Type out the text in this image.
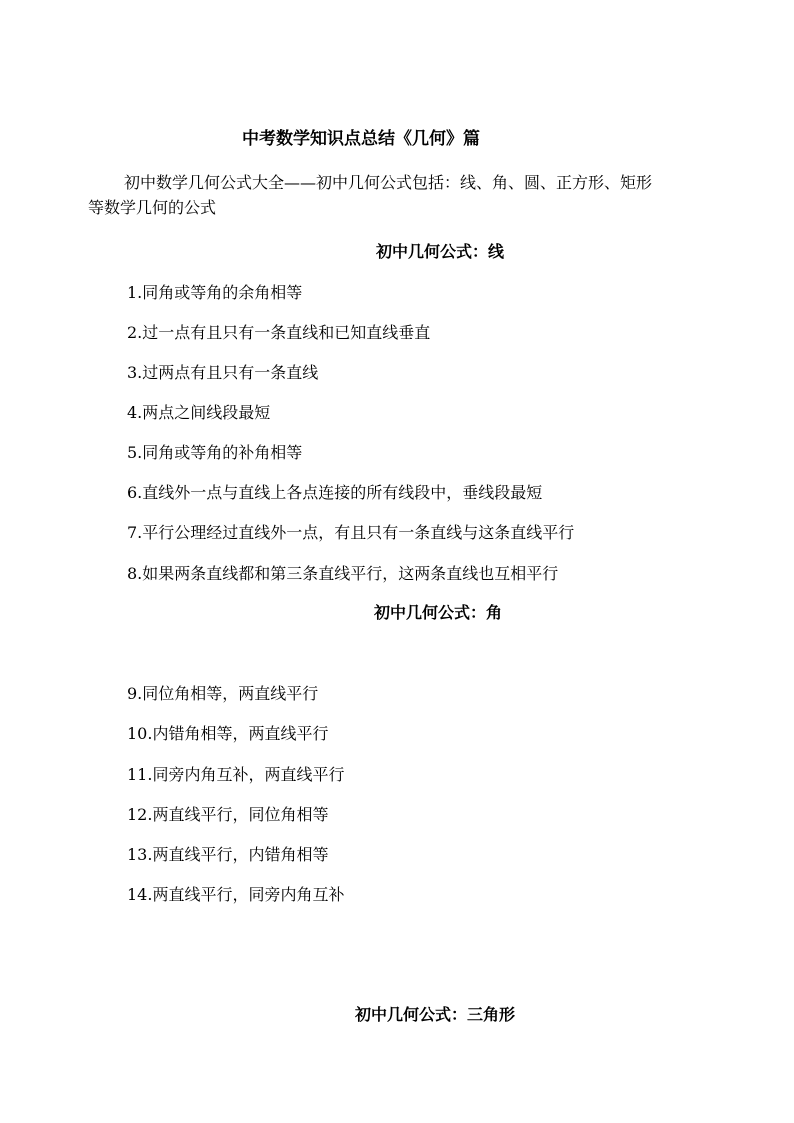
中考数学知识点总结《几何》篇
初中数学几何公式大全——初中几何公式包括：线、角、圆、正方形、矩形
等数学几何的公式
初中几何公式：线
1.同角或等角的余角相等
2.过一点有且只有一条直线和已知直线垂直
3.过两点有且只有一条直线
4.两点之间线段最短
5.同角或等角的补角相等
6.直线外一点与直线上各点连接的所有线段中，垂线段最短
7.平行公理经过直线外一点，有且只有一条直线与这条直线平行
8.如果两条直线都和第三条直线平行，这两条直线也互相平行
初中几何公式：角
9.同位角相等，两直线平行
10.内错角相等，两直线平行
11.同旁内角互补，两直线平行
12.两直线平行，同位角相等
13.两直线平行，内错角相等
14.两直线平行，同旁内角互补
初中几何公式：三角形
